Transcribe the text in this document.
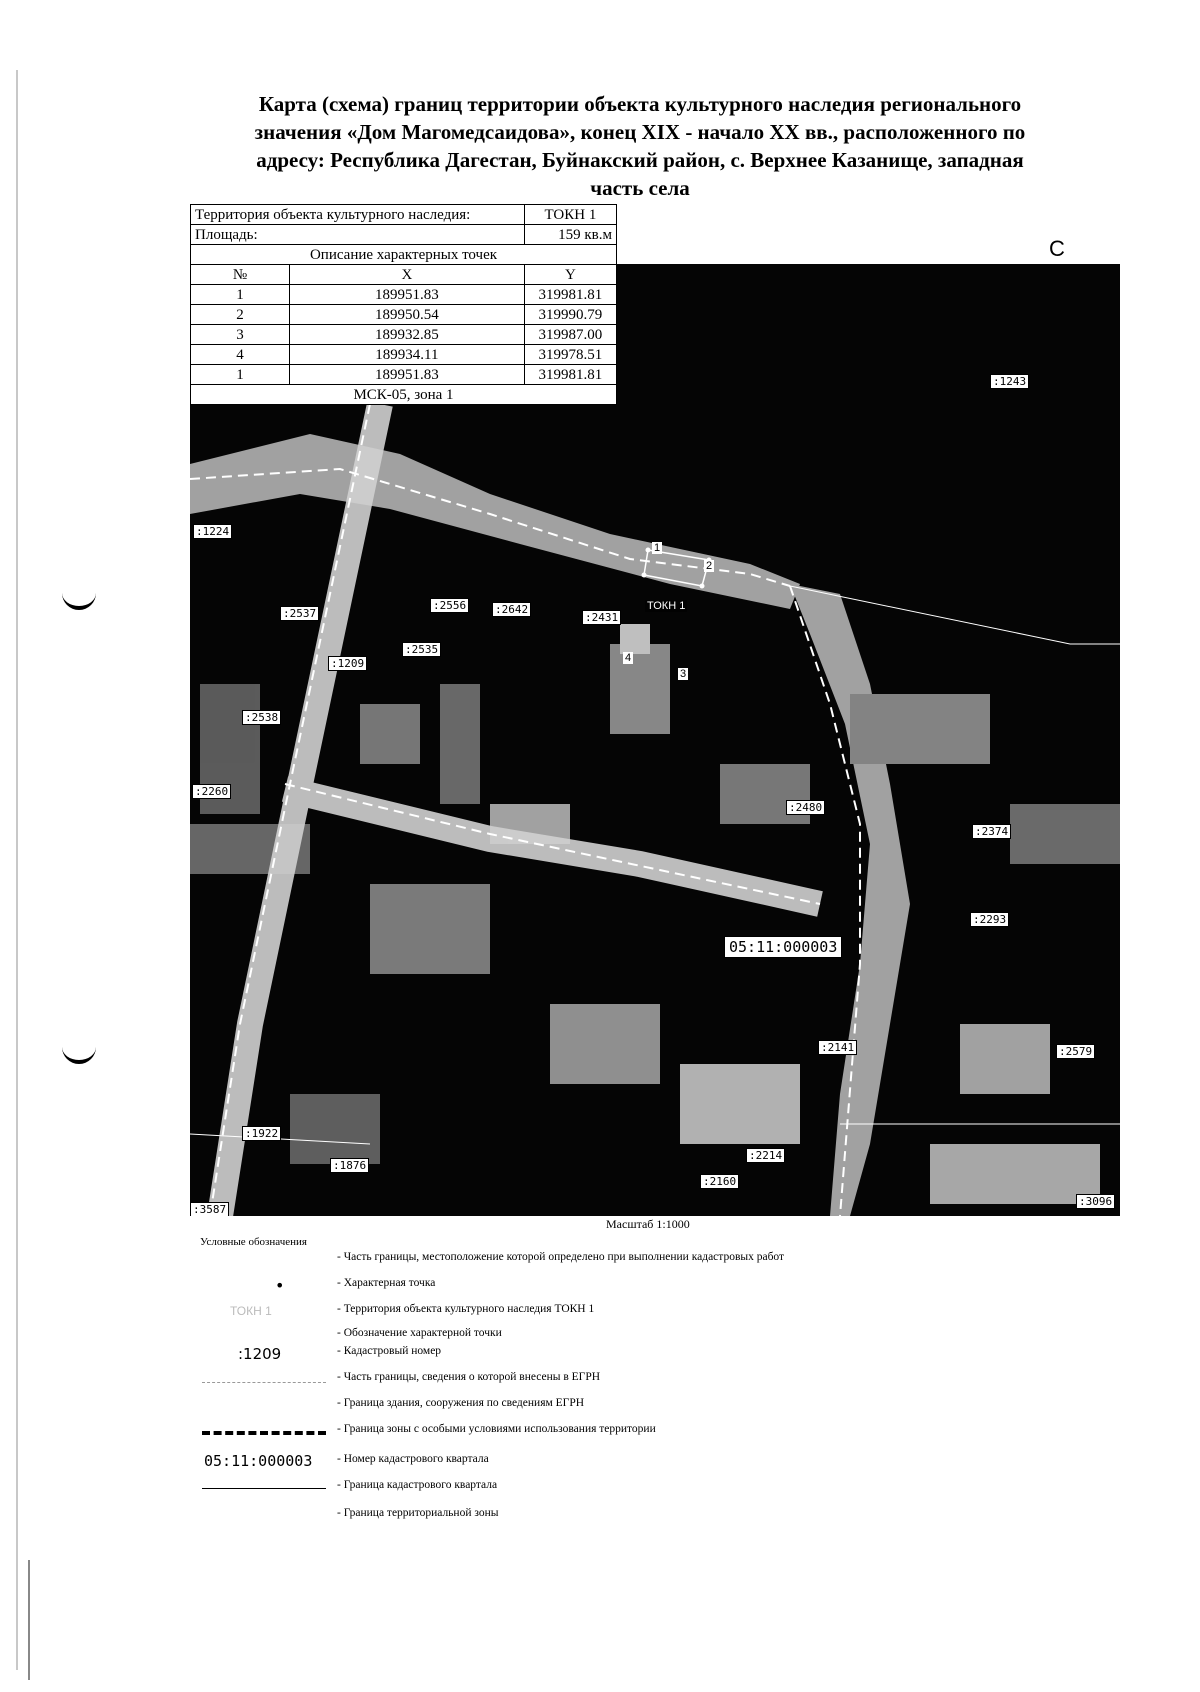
Карта (схема) границ территории объекта культурного наследия регионального
значения «Дом Магомедсаидова», конец XIX - начало XX вв., расположенного по
адресу: Республика Дагестан, Буйнакский район, с. Верхнее Казанище, западная
часть села
С
ТОКН 1
1
2
3
4
:1243
:1224
:2537
:2556	:2642
:2431
:2535
:1209
:2538
:2260
:2480
:2374
:2293
:2141	:2579
:1922
:1876
:2214
:2160
:3096
:3587
05:11:000003
Территория объекта культурного наследия:		ТОКН 1
Площадь:		159 кв.м
Описание характерных точек		
№	X	Y
1	189951.83	319981.81
2	189950.54	319990.79
3	189932.85	319987.00
4	189934.11	319978.51
1	189951.83	319981.81
МСК-05, зона 1		
Масштаб 1:1000
Условные обозначения
- Часть границы, местоположение которой определено при выполнении кадастровых работ
•	- Характерная точка
ТОКН 1	- Территория объекта культурного наследия ТОКН 1
- Обозначение характерной точки
:1209	- Кадастровый номер
- Часть границы, сведения о которой внесены в ЕГРН
- Граница здания, сооружения по сведениям ЕГРН
- Граница зоны с особыми условиями использования территории
05:11:000003 - Номер кадастрового квартала
- Граница кадастрового квартала
- Граница территориальной зоны
